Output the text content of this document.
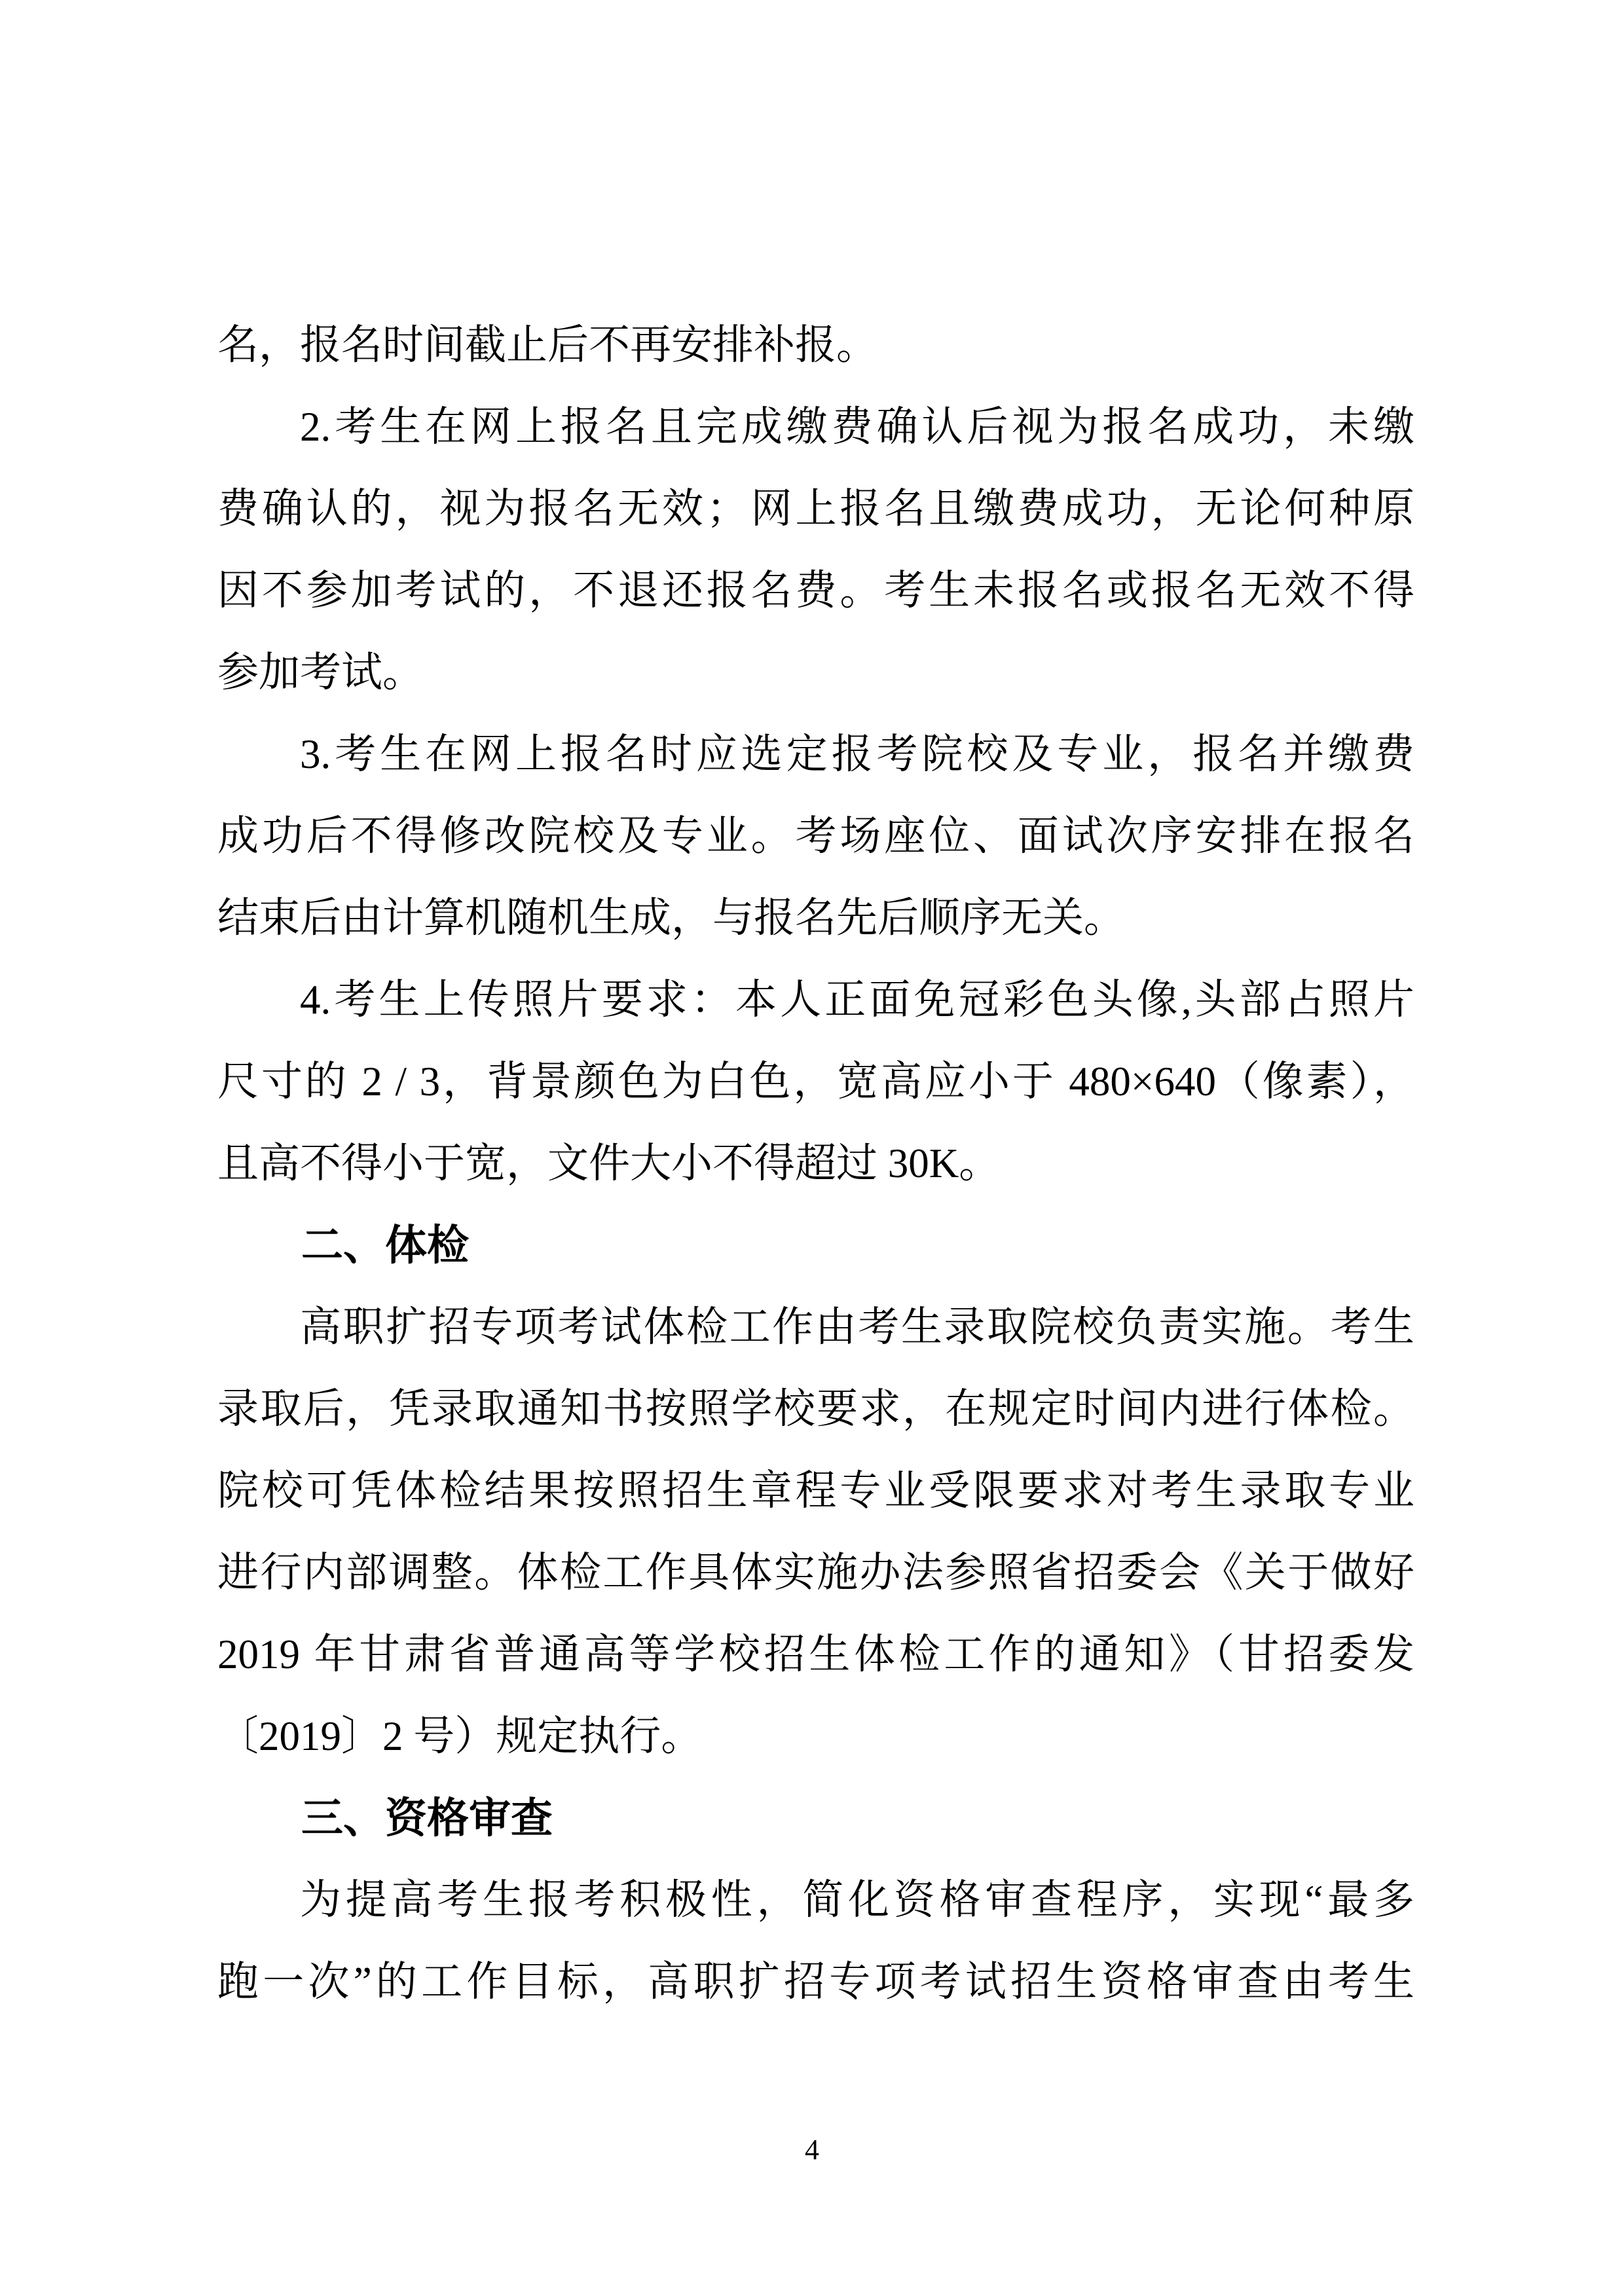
名，报名时间截止后不再安排补报。
2.考生在网上报名且完成缴费确认后视为报名成功，未缴
费确认的，视为报名无效；网上报名且缴费成功，无论何种原
因不参加考试的，不退还报名费。考生未报名或报名无效不得
参加考试。
3.考生在网上报名时应选定报考院校及专业，报名并缴费
成功后不得修改院校及专业。考场座位、面试次序安排在报名
结束后由计算机随机生成，与报名先后顺序无关。
4.考生上传照片要求：本人正面免冠彩色头像,头部占照片
尺寸的 2 / 3，背景颜色为白色，宽高应小于 480×640（像素），
且高不得小于宽，文件大小不得超过 30K。
二、体检
高职扩招专项考试体检工作由考生录取院校负责实施。考生
录取后，凭录取通知书按照学校要求，在规定时间内进行体检。
院校可凭体检结果按照招生章程专业受限要求对考生录取专业
进行内部调整。体检工作具体实施办法参照省招委会《关于做好
2019 年甘肃省普通高等学校招生体检工作的通知》（甘招委发
〔2019〕2 号）规定执行。
三、资格审查
为提高考生报考积极性，简化资格审查程序，实现“最多
跑一次”的工作目标，高职扩招专项考试招生资格审查由考生
4
